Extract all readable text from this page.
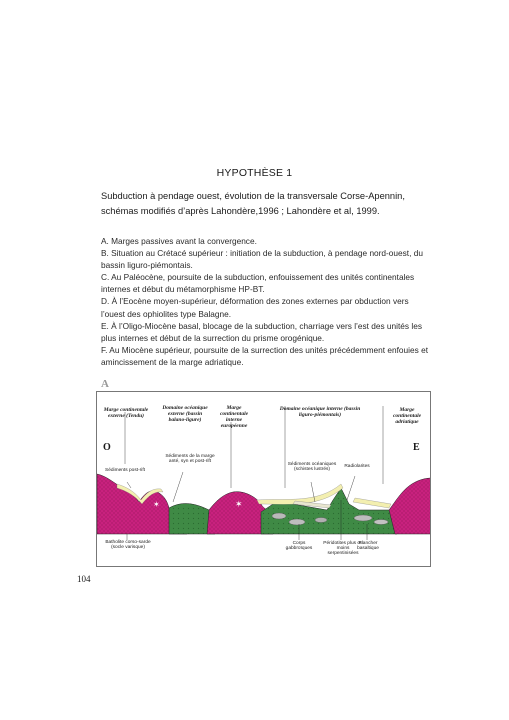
HYPOTHÈSE 1
Subduction à pendage ouest, évolution de la transversale Corse-Apennin, schémas modifiés d’après Lahondère,1996 ; Lahondère et al, 1999.
A. Marges passives avant la convergence.
B. Situation au Crétacé supérieur : initiation de la subduction, à pendage nord-ouest, du bassin liguro-piémontais.
C. Au Paléocène, poursuite de la subduction, enfouissement des unités continentales internes et début du métamorphisme HP-BT.
D. À l’Eocène moyen-supérieur, déformation des zones externes par obduction vers l’ouest des ophiolites type Balagne.
E. À l’Oligo-Miocène basal, blocage de la subduction, charriage vers l’est des unités les plus internes et début de la surrection du prisme orogénique.
F. Au Miocène supérieur, poursuite de la surrection des unités précédemment enfouies et amincissement de la marge adriatique.
A
✶	✶
Marge continentale externe (Tendu)
Domaine océanique externe (bassin balano-ligure)
Marge continentale interne européenne
Domaine océanique interne (bassin liguro-piémontais)
Marge continentale adriatique
O	E
Sédiments post-rift
Sédiments de la marge anté, syn et post-rift
Sédiments océaniques (schistes lustrés)
Radiolarites
Batholite corso-sarde (socle varisque)
Corps gabbroïques
Péridotites plus ou moins serpentinisées
Plancher basaltique
104
